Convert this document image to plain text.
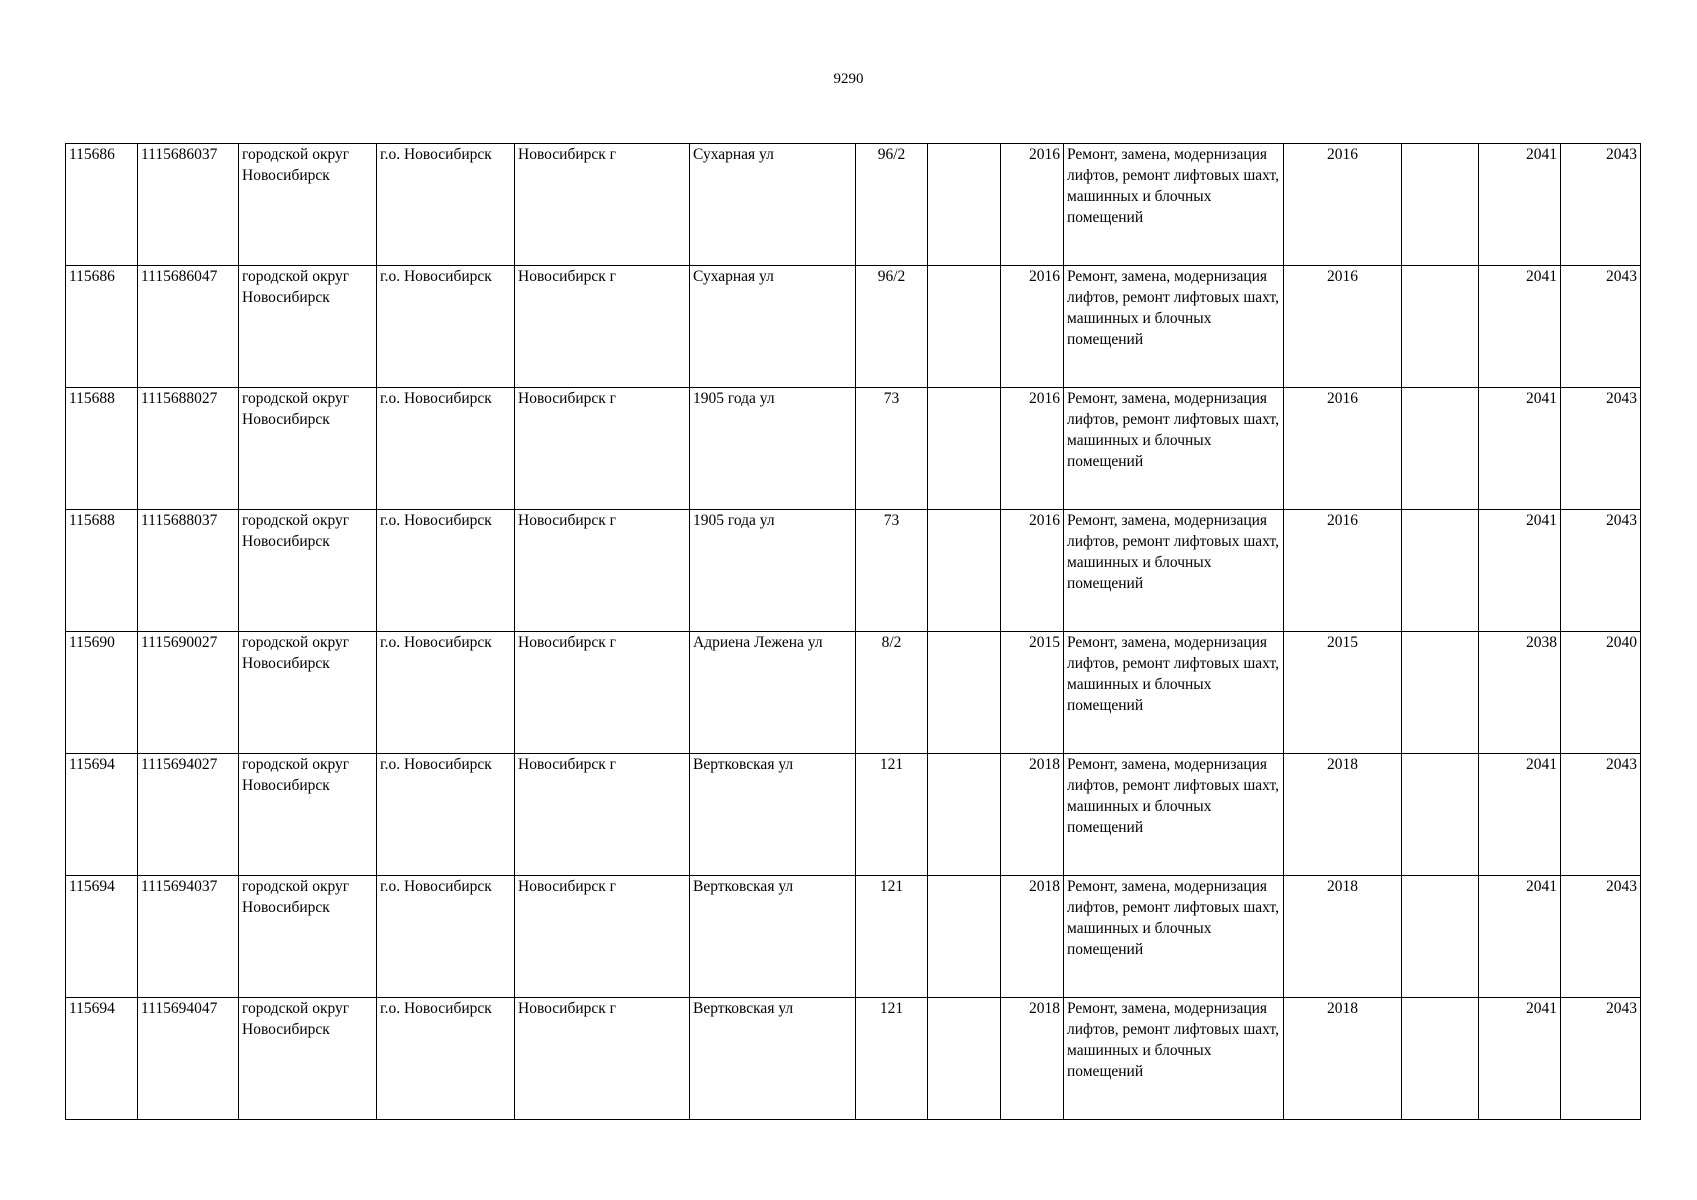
9290
115686	1115686037	городской округ Новосибирск	г.о. Новосибирск	Новосибирск г	Сухарная ул	96/2		2016	Ремонт, замена, модернизация лифтов, ремонт лифтовых шахт, машинных и блочных помещений	2016		2041	2043
115686	1115686047	городской округ Новосибирск	г.о. Новосибирск	Новосибирск г	Сухарная ул	96/2		2016	Ремонт, замена, модернизация лифтов, ремонт лифтовых шахт, машинных и блочных помещений	2016		2041	2043
115688	1115688027	городской округ Новосибирск	г.о. Новосибирск	Новосибирск г	1905 года ул	73		2016	Ремонт, замена, модернизация лифтов, ремонт лифтовых шахт, машинных и блочных помещений	2016		2041	2043
115688	1115688037	городской округ Новосибирск	г.о. Новосибирск	Новосибирск г	1905 года ул	73		2016	Ремонт, замена, модернизация лифтов, ремонт лифтовых шахт, машинных и блочных помещений	2016		2041	2043
115690	1115690027	городской округ Новосибирск	г.о. Новосибирск	Новосибирск г	Адриена Лежена ул	8/2		2015	Ремонт, замена, модернизация лифтов, ремонт лифтовых шахт, машинных и блочных помещений	2015		2038	2040
115694	1115694027	городской округ Новосибирск	г.о. Новосибирск	Новосибирск г	Вертковская ул	121		2018	Ремонт, замена, модернизация лифтов, ремонт лифтовых шахт, машинных и блочных помещений	2018		2041	2043
115694	1115694037	городской округ Новосибирск	г.о. Новосибирск	Новосибирск г	Вертковская ул	121		2018	Ремонт, замена, модернизация лифтов, ремонт лифтовых шахт, машинных и блочных помещений	2018		2041	2043
115694	1115694047	городской округ Новосибирск	г.о. Новосибирск	Новосибирск г	Вертковская ул	121		2018	Ремонт, замена, модернизация лифтов, ремонт лифтовых шахт, машинных и блочных помещений	2018		2041	2043
